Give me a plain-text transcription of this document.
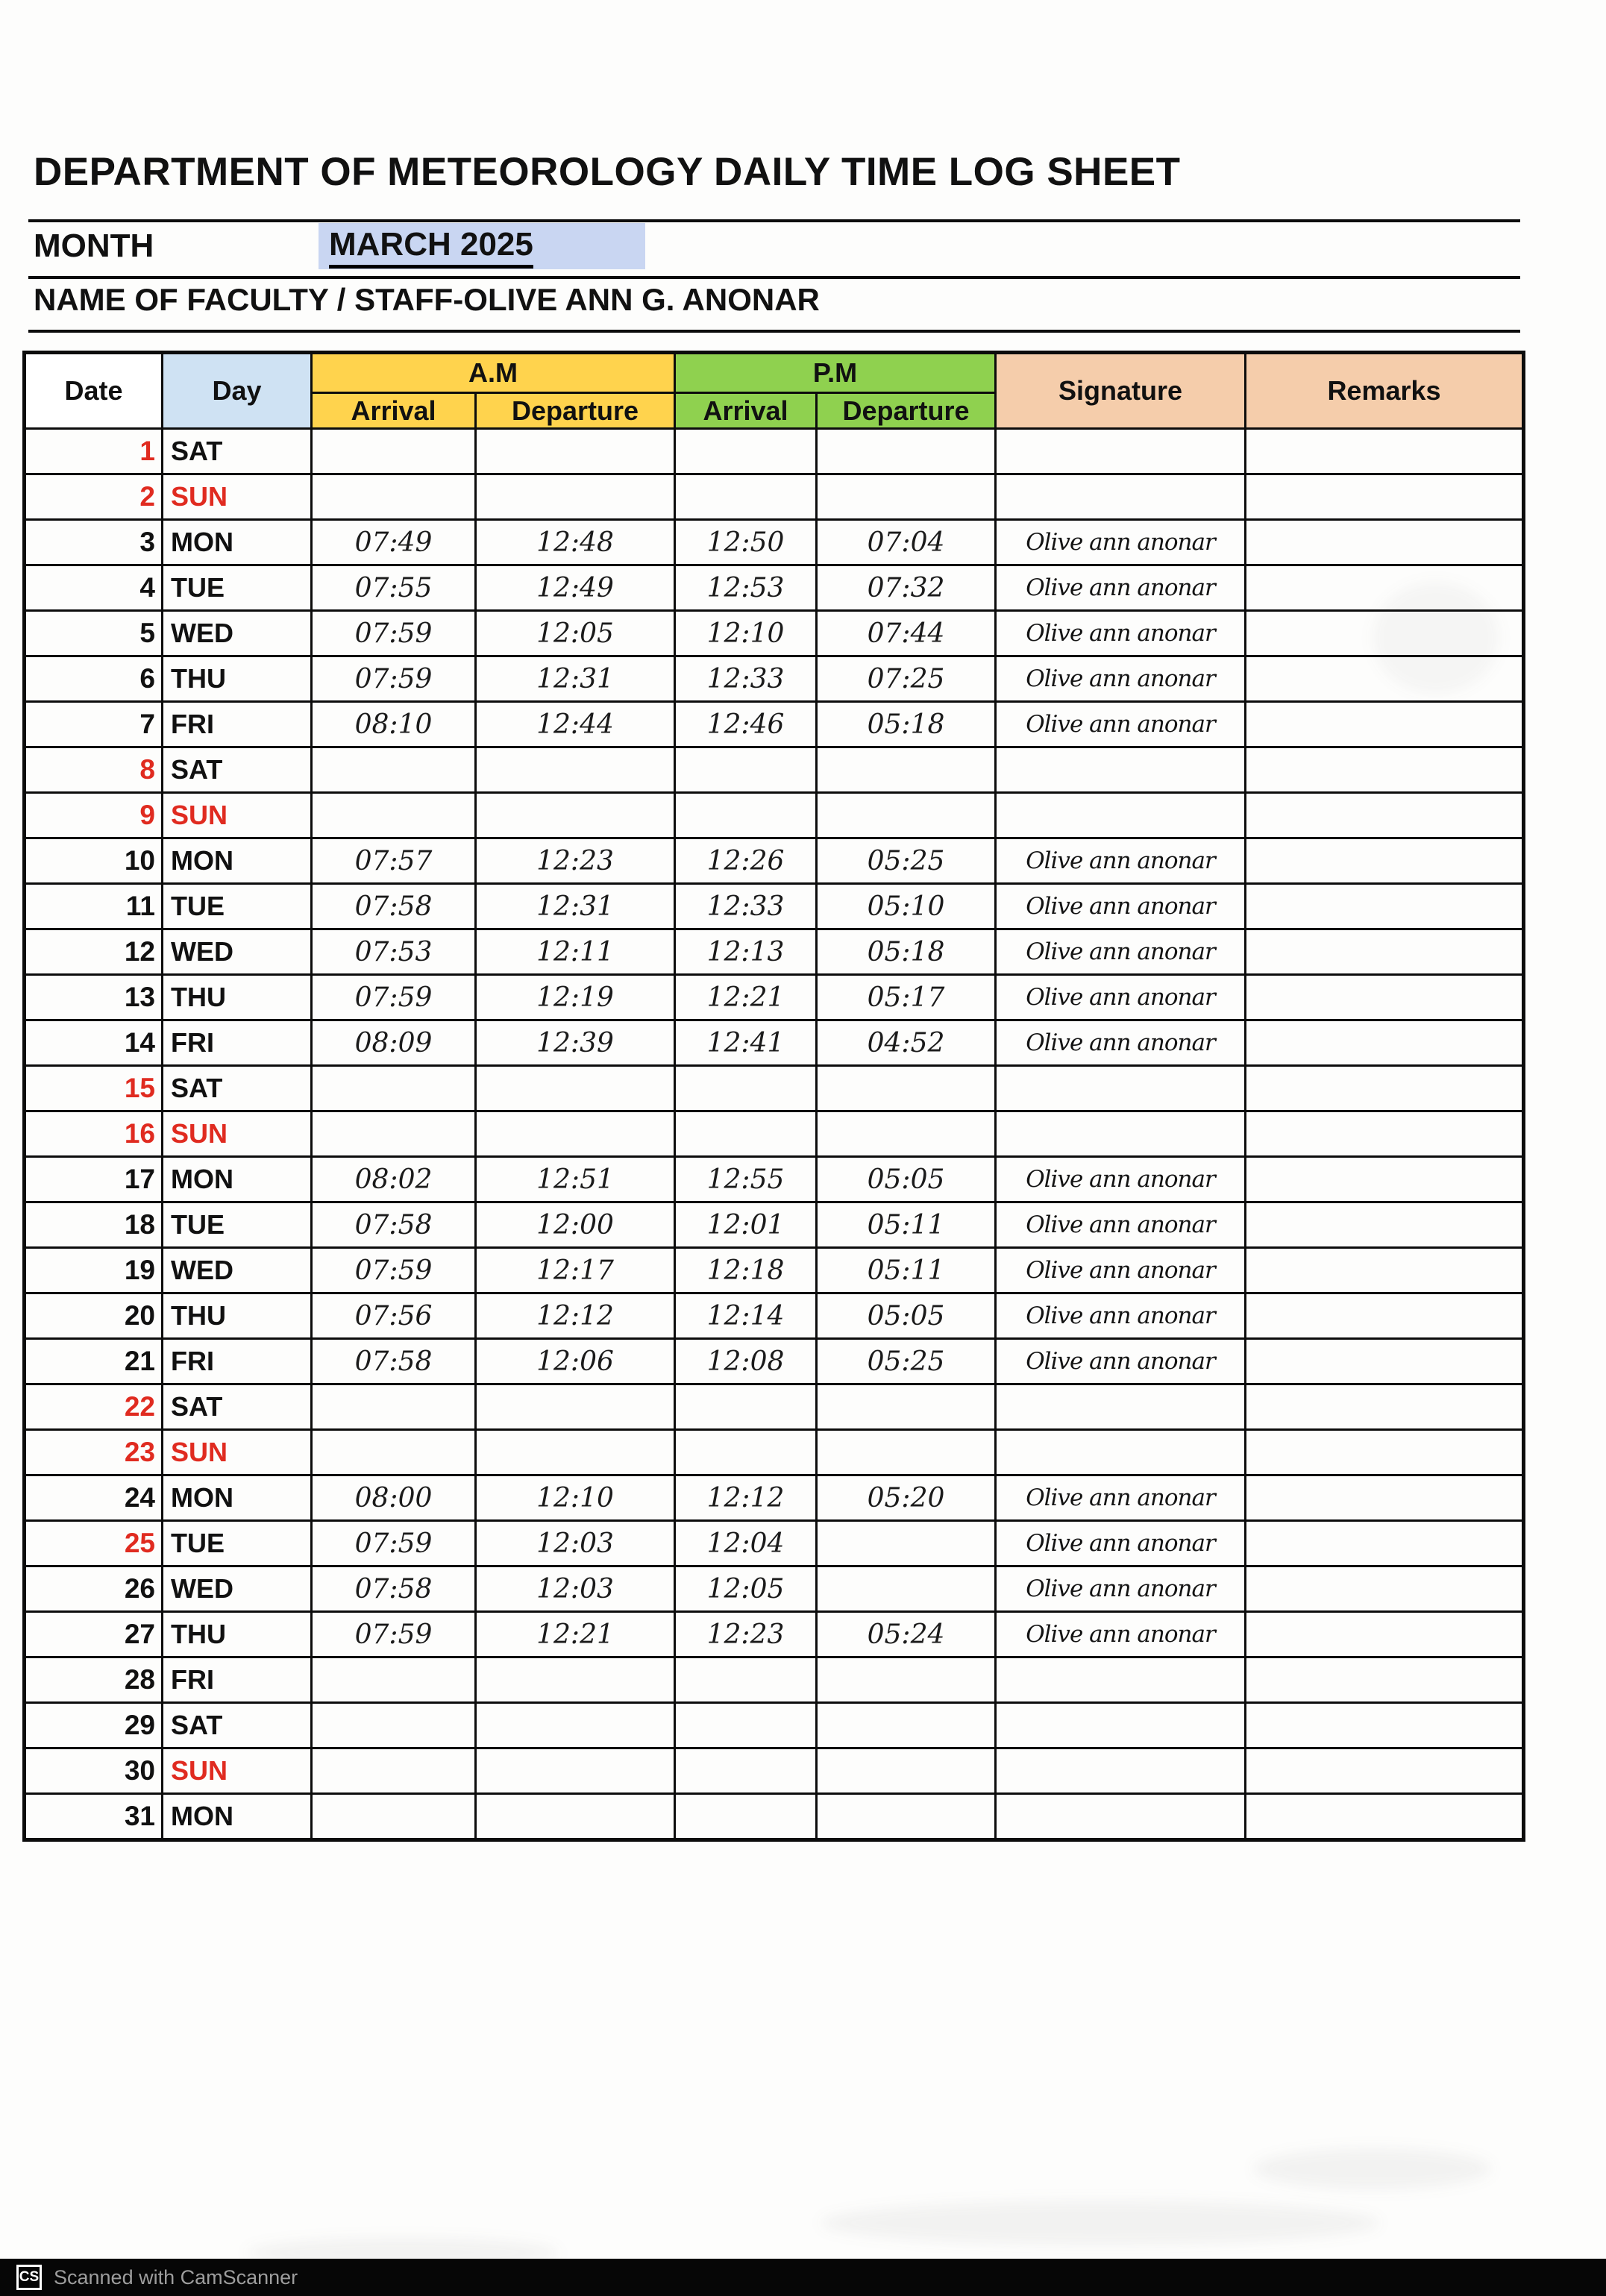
DEPARTMENT OF METEOROLOGY DAILY TIME LOG SHEET
MONTH	MARCH 2025
NAME OF FACULTY / STAFF-OLIVE ANN G. ANONAR
Date	Day	A.M		P.M		Signature	Remarks
		Arrival	Departure	Arrival	Departure		
1	SAT						
2	SUN						
3	MON	07:49	12:48	12:50	07:04	Olive ann anonar	
4	TUE	07:55	12:49	12:53	07:32	Olive ann anonar	
5	WED	07:59	12:05	12:10	07:44	Olive ann anonar	
6	THU	07:59	12:31	12:33	07:25	Olive ann anonar	
7	FRI	08:10	12:44	12:46	05:18	Olive ann anonar	
8	SAT						
9	SUN						
10	MON	07:57	12:23	12:26	05:25	Olive ann anonar	
11	TUE	07:58	12:31	12:33	05:10	Olive ann anonar	
12	WED	07:53	12:11	12:13	05:18	Olive ann anonar	
13	THU	07:59	12:19	12:21	05:17	Olive ann anonar	
14	FRI	08:09	12:39	12:41	04:52	Olive ann anonar	
15	SAT						
16	SUN						
17	MON	08:02	12:51	12:55	05:05	Olive ann anonar	
18	TUE	07:58	12:00	12:01	05:11	Olive ann anonar	
19	WED	07:59	12:17	12:18	05:11	Olive ann anonar	
20	THU	07:56	12:12	12:14	05:05	Olive ann anonar	
21	FRI	07:58	12:06	12:08	05:25	Olive ann anonar	
22	SAT						
23	SUN						
24	MON	08:00	12:10	12:12	05:20	Olive ann anonar	
25	TUE	07:59	12:03	12:04		Olive ann anonar	
26	WED	07:58	12:03	12:05		Olive ann anonar	
27	THU	07:59	12:21	12:23	05:24	Olive ann anonar	
28	FRI						
29	SAT						
30	SUN						
31	MON						
CS Scanned with CamScanner
